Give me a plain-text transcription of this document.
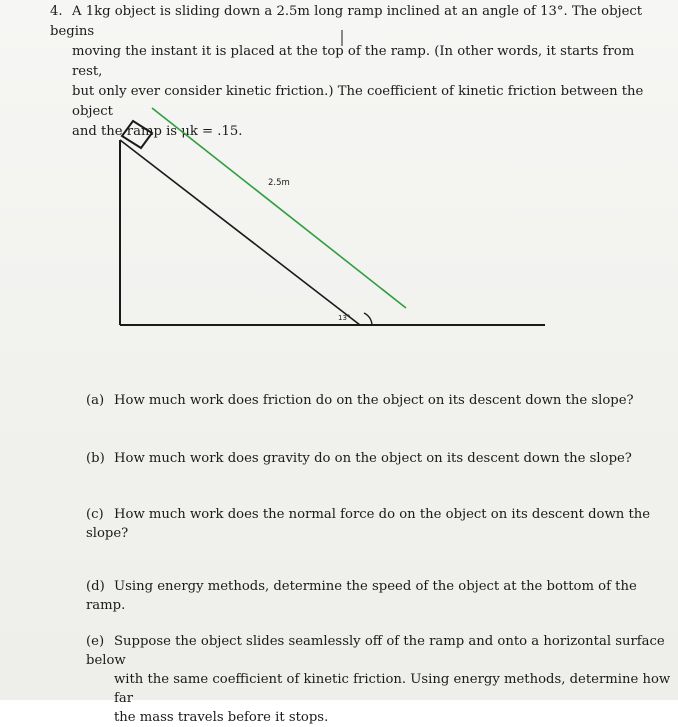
4. A 1kg object is sliding down a 2.5m long ramp inclined at an angle of 13°. The object begins
moving the instant it is placed at the top of the ramp. (In other words, it starts from rest,
but only ever consider kinetic friction.) The coefficient of kinetic friction between the object
and the ramp is μk = .15.
2.5m
13°
(a) How much work does friction do on the object on its descent down the slope?
(b) How much work does gravity do on the object on its descent down the slope?
(c) How much work does the normal force do on the object on its descent down the slope?
(d) Using energy methods, determine the speed of the object at the bottom of the ramp.
(e) Suppose the object slides seamlessly off of the ramp and onto a horizontal surface below
with the same coefficient of kinetic friction. Using energy methods, determine how far
the mass travels before it stops.
